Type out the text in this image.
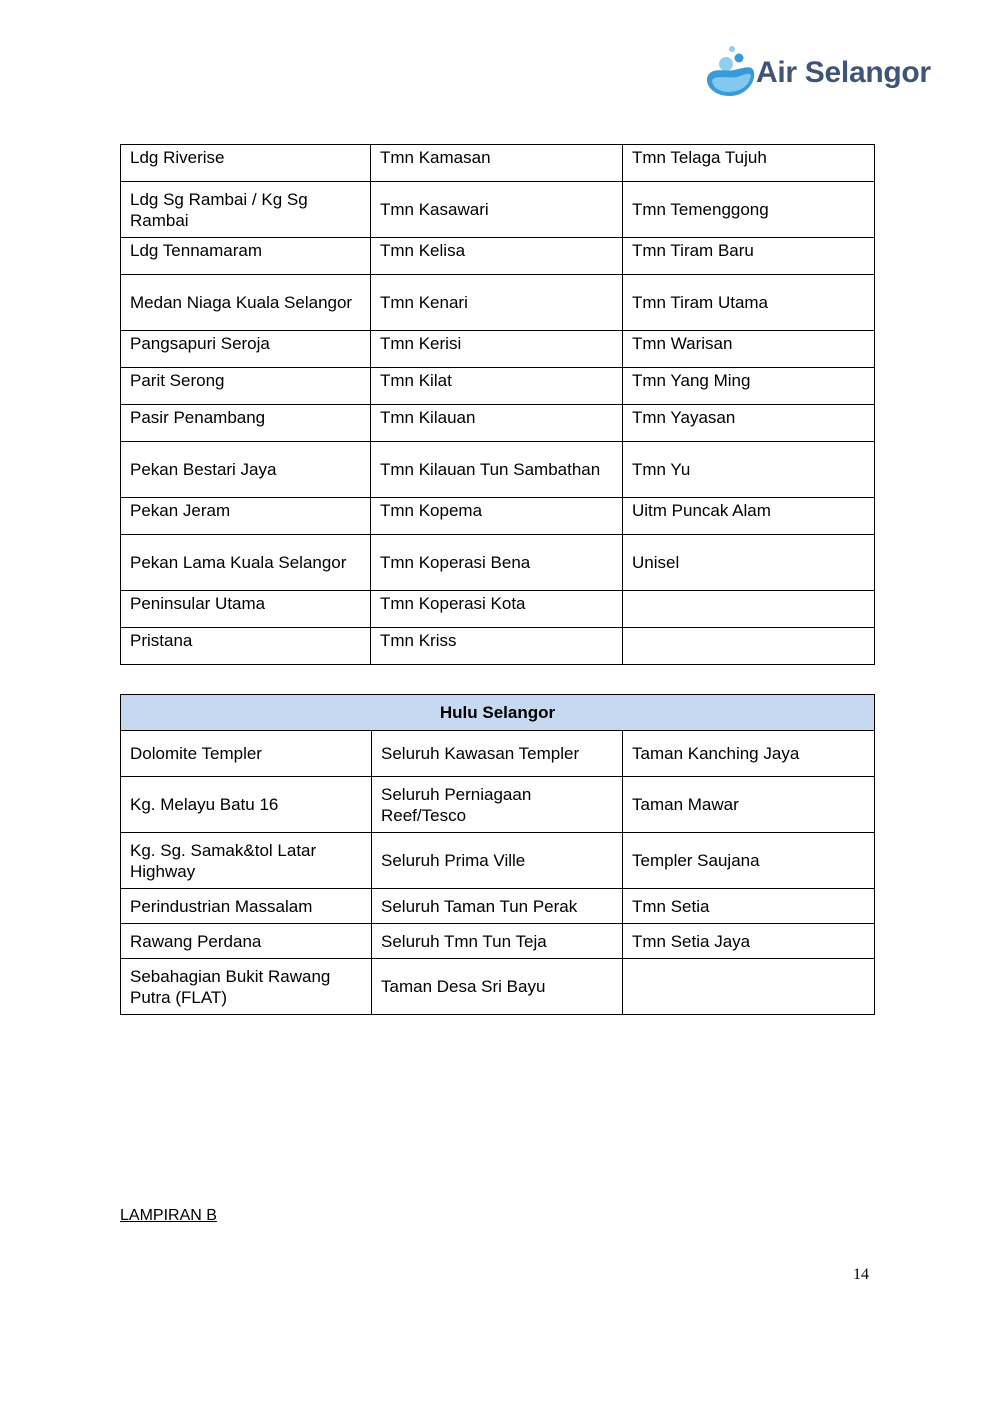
Air Selangor
Ldg Riverise	Tmn Kamasan	Tmn Telaga Tujuh
Ldg Sg Rambai / Kg Sg Rambai	Tmn Kasawari	Tmn Temenggong
Ldg Tennamaram	Tmn Kelisa	Tmn Tiram Baru
Medan Niaga Kuala Selangor	Tmn Kenari	Tmn Tiram Utama
Pangsapuri Seroja	Tmn Kerisi	Tmn Warisan
Parit Serong	Tmn Kilat	Tmn Yang Ming
Pasir Penambang	Tmn Kilauan	Tmn Yayasan
Pekan Bestari Jaya	Tmn Kilauan Tun Sambathan	Tmn Yu
Pekan Jeram	Tmn Kopema	Uitm Puncak Alam
Pekan Lama Kuala Selangor	Tmn Koperasi Bena	Unisel
Peninsular Utama	Tmn Koperasi Kota	
Pristana	Tmn Kriss	
Hulu Selangor		
Dolomite Templer	Seluruh Kawasan Templer	Taman Kanching Jaya
Kg. Melayu Batu 16	Seluruh Perniagaan Reef/Tesco	Taman Mawar
Kg. Sg. Samak&tol Latar Highway	Seluruh Prima Ville	Templer Saujana
Perindustrian Massalam	Seluruh Taman Tun Perak	Tmn Setia
Rawang Perdana	Seluruh Tmn Tun Teja	Tmn Setia Jaya
Sebahagian Bukit Rawang Putra (FLAT)	Taman Desa Sri Bayu	
LAMPIRAN B
14
